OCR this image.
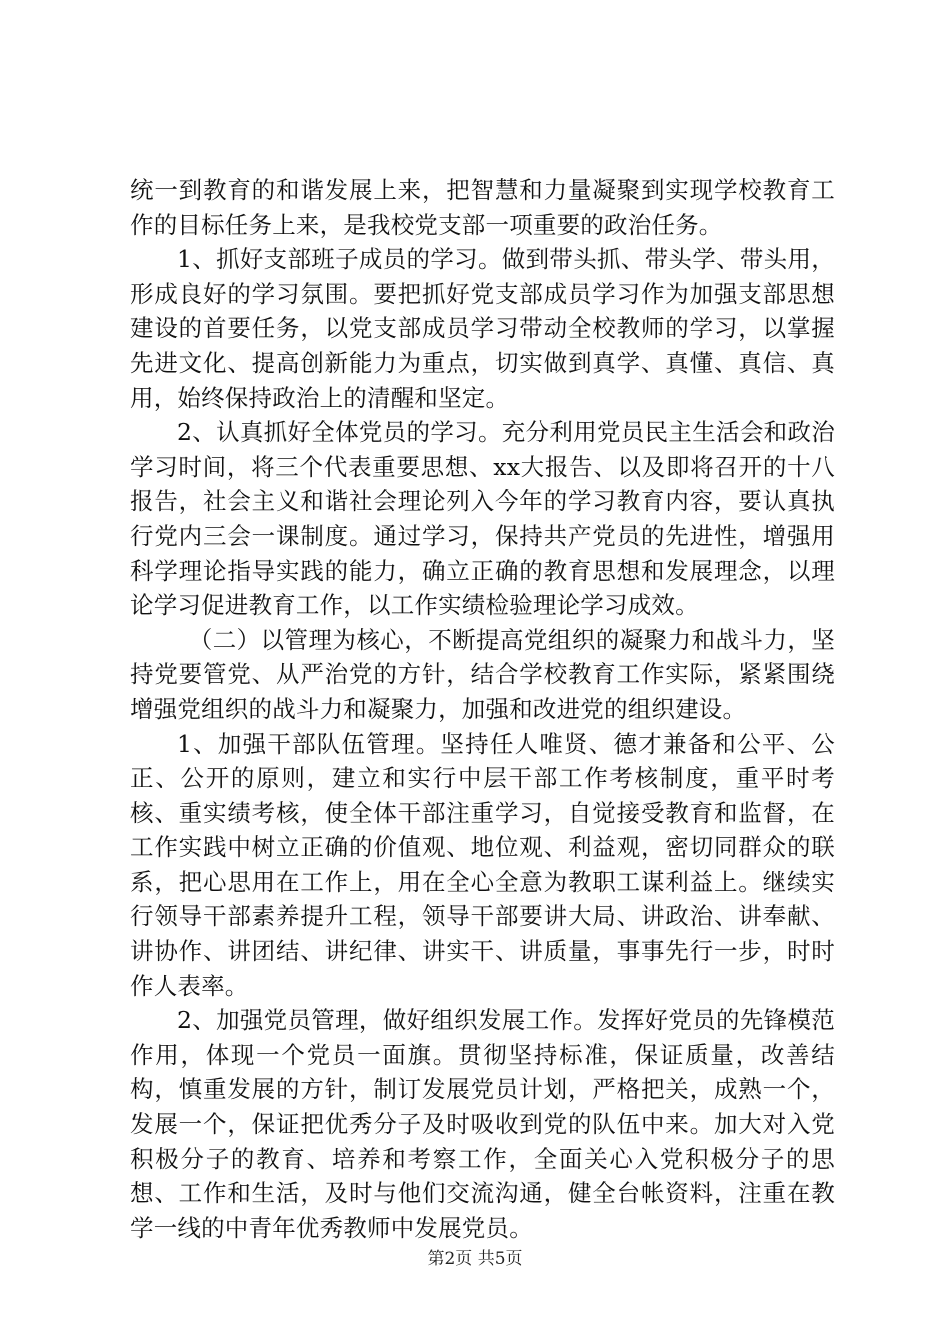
统一到教育的和谐发展上来，把智慧和力量凝聚到实现学校教育工作的目标任务上来，是我校党支部一项重要的政治任务。

1、抓好支部班子成员的学习。做到带头抓、带头学、带头用，形成良好的学习氛围。要把抓好党支部成员学习作为加强支部思想建设的首要任务，以党支部成员学习带动全校教师的学习，以掌握先进文化、提高创新能力为重点，切实做到真学、真懂、真信、真用，始终保持政治上的清醒和坚定。

2、认真抓好全体党员的学习。充分利用党员民主生活会和政治学习时间，将三个代表重要思想、xx大报告、以及即将召开的十八报告，社会主义和谐社会理论列入今年的学习教育内容，要认真执行党内三会一课制度。通过学习，保持共产党员的先进性，增强用科学理论指导实践的能力，确立正确的教育思想和发展理念，以理论学习促进教育工作，以工作实绩检验理论学习成效。

（二）以管理为核心，不断提高党组织的凝聚力和战斗力，坚持党要管党、从严治党的方针，结合学校教育工作实际，紧紧围绕增强党组织的战斗力和凝聚力，加强和改进党的组织建设。

1、加强干部队伍管理。坚持任人唯贤、德才兼备和公平、公正、公开的原则，建立和实行中层干部工作考核制度，重平时考核、重实绩考核，使全体干部注重学习，自觉接受教育和监督，在工作实践中树立正确的价值观、地位观、利益观，密切同群众的联系，把心思用在工作上，用在全心全意为教职工谋利益上。继续实行领导干部素养提升工程，领导干部要讲大局、讲政治、讲奉献、讲协作、讲团结、讲纪律、讲实干、讲质量，事事先行一步，时时作人表率。

2、加强党员管理，做好组织发展工作。发挥好党员的先锋模范作用，体现一个党员一面旗。贯彻坚持标准，保证质量，改善结构，慎重发展的方针，制订发展党员计划，严格把关，成熟一个，发展一个，保证把优秀分子及时吸收到党的队伍中来。加大对入党积极分子的教育、培养和考察工作，全面关心入党积极分子的思想、工作和生活，及时与他们交流沟通，健全台帐资料，注重在教学一线的中青年优秀教师中发展党员。

第2页 共5页
